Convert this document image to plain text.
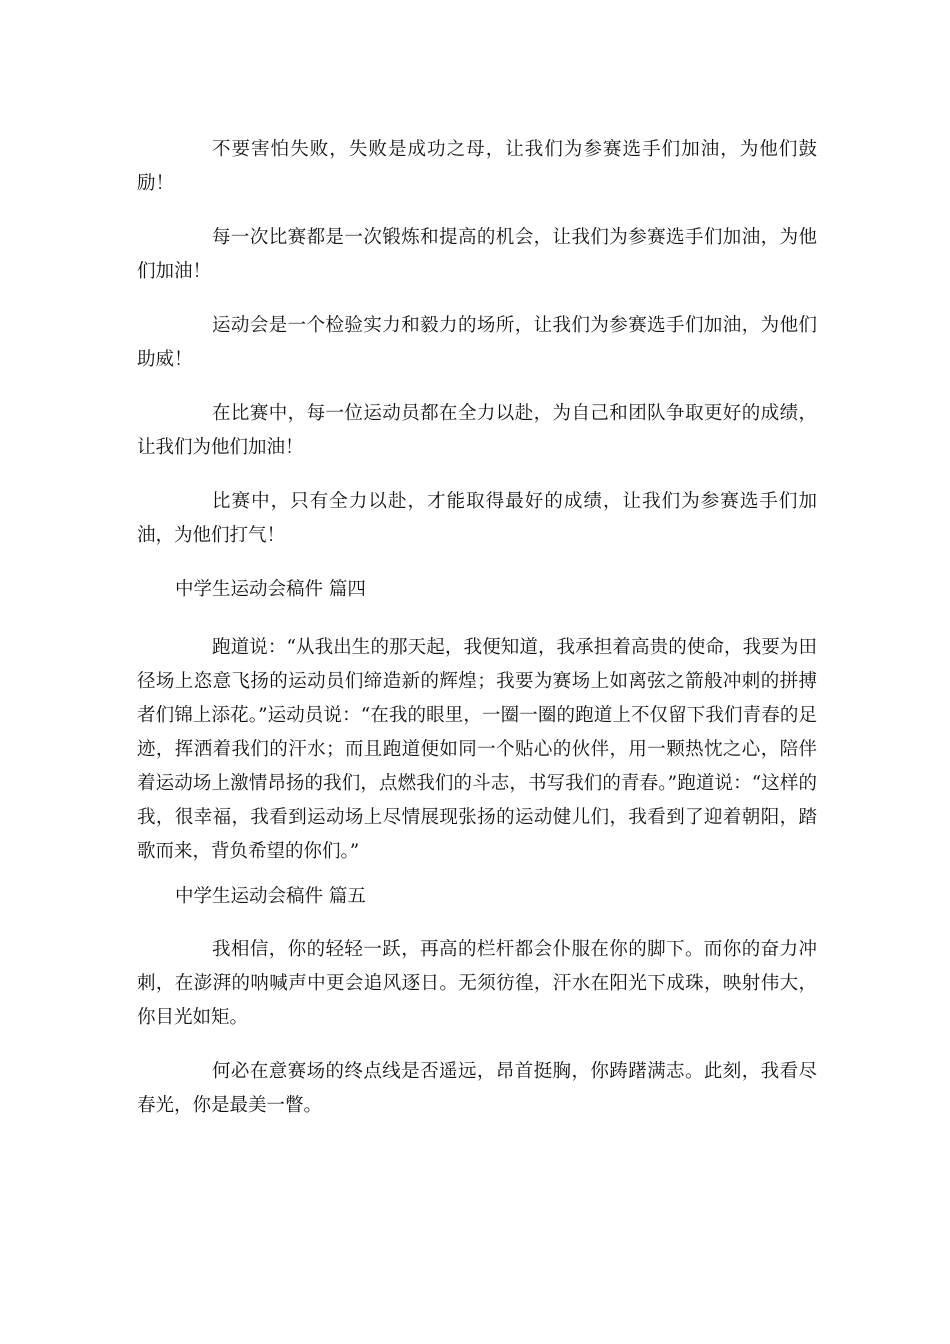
不要害怕失败，失败是成功之母，让我们为参赛选手们加油，为他们鼓励！

每一次比赛都是一次锻炼和提高的机会，让我们为参赛选手们加油，为他们加油！

运动会是一个检验实力和毅力的场所，让我们为参赛选手们加油，为他们助威！

在比赛中，每一位运动员都在全力以赴，为自己和团队争取更好的成绩，让我们为他们加油！

比赛中，只有全力以赴，才能取得最好的成绩，让我们为参赛选手们加油，为他们打气！

中学生运动会稿件 篇四

跑道说：“从我出生的那天起，我便知道，我承担着高贵的使命，我要为田径场上恣意飞扬的运动员们缔造新的辉煌；我要为赛场上如离弦之箭般冲刺的拼搏者们锦上添花。”运动员说：“在我的眼里，一圈一圈的跑道上不仅留下我们青春的足迹，挥洒着我们的汗水；而且跑道便如同一个贴心的伙伴，用一颗热忱之心，陪伴着运动场上激情昂扬的我们，点燃我们的斗志，书写我们的青春。”跑道说：“这样的我，很幸福，我看到运动场上尽情展现张扬的运动健儿们，我看到了迎着朝阳，踏歌而来，背负希望的你们。”

中学生运动会稿件 篇五

我相信，你的轻轻一跃，再高的栏杆都会仆服在你的脚下。而你的奋力冲刺，在澎湃的呐喊声中更会追风逐日。无须彷徨，汗水在阳光下成珠，映射伟大，你目光如矩。

何必在意赛场的终点线是否遥远，昂首挺胸，你踌躇满志。此刻，我看尽春光，你是最美一瞥。
